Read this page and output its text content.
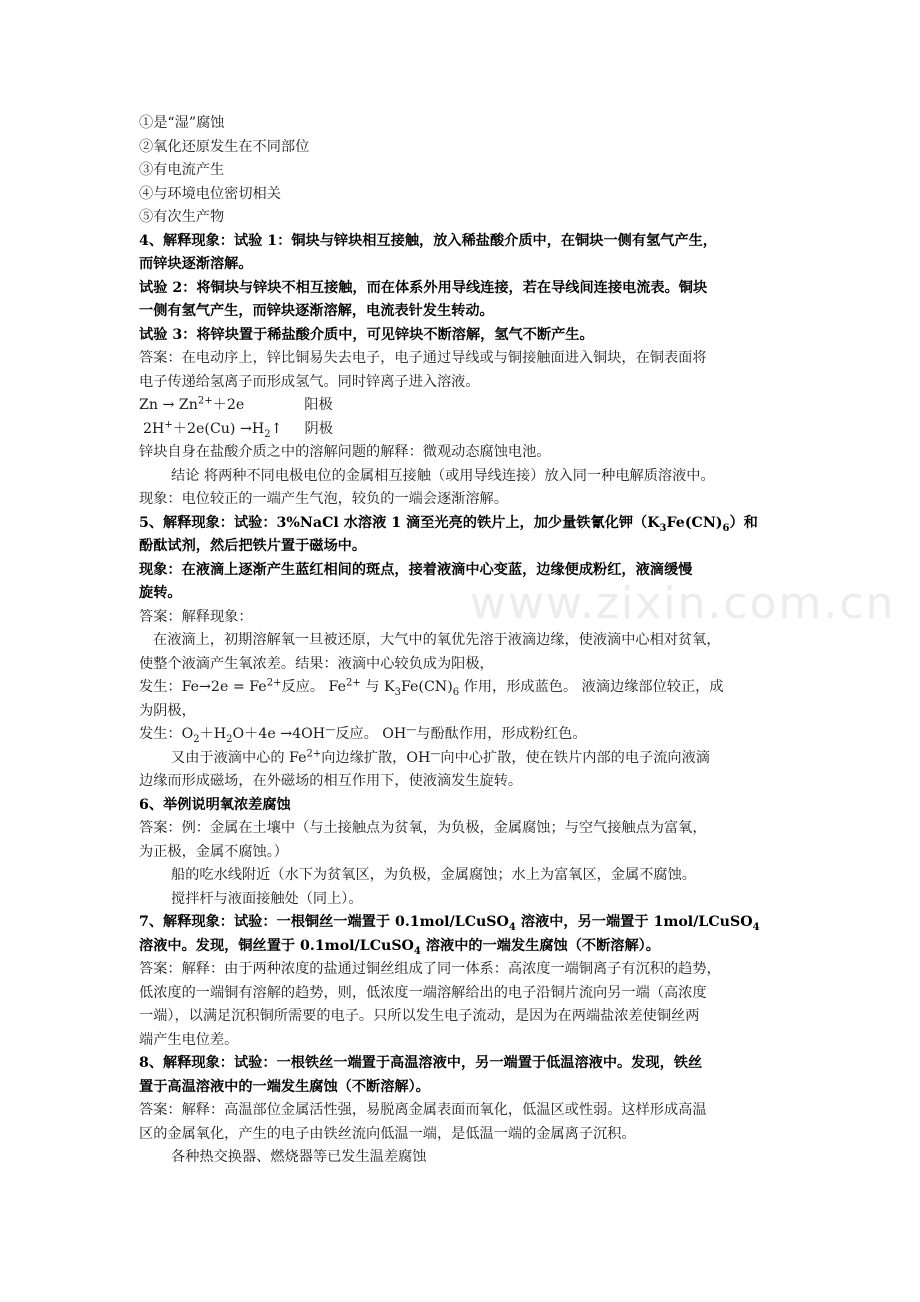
www.zixin.com.cn
①是“湿”腐蚀
②氧化还原发生在不同部位
③有电流产生
④与环境电位密切相关
⑤有次生产物
4、解释现象：试验 1：铜块与锌块相互接触，放入稀盐酸介质中，在铜块一侧有氢气产生，
而锌块逐渐溶解。
试验 2：将铜块与锌块不相互接触，而在体系外用导线连接，若在导线间连接电流表。铜块
一侧有氢气产生，而锌块逐渐溶解，电流表针发生转动。
试验 3：将锌块置于稀盐酸介质中，可见锌块不断溶解，氢气不断产生。
答案：在电动序上，锌比铜易失去电子，电子通过导线或与铜接触面进入铜块，在铜表面将
电子传递给氢离子而形成氢气。同时锌离子进入溶液。
$Zn \to Zn^{2+}+2e$	阳极
$2H^++2e(Cu) \to H_2↑$ 阴极
锌块自身在盐酸介质之中的溶解问题的解释：微观动态腐蚀电池。
结论 将两种不同电极电位的金属相互接触（或用导线连接）放入同一种电解质溶液中。
现象：电位较正的一端产生气泡，较负的一端会逐渐溶解。
5、解释现象：试验：3%NaCl 水溶液 1 滴至光亮的铁片上，加少量铁氰化钾$(K_3Fe(CN)_6)$和
酚酞试剂，然后把铁片置于磁场中。
现象：在液滴上逐渐产生蓝红相间的斑点，接着液滴中心变蓝，边缘便成粉红，液滴缓慢
旋转。
答案：解释现象：
在液滴上，初期溶解氧一旦被还原，大气中的氧优先溶于液滴边缘，使液滴中心相对贫氧，
使整个液滴产生氧浓差。结果：液滴中心较负成为阳极，
发生：$Fe\to 2e = Fe^{2+}$反应。 $Fe^{2+}$ 与 $K_3Fe(CN)_6$ 作用，形成蓝色。 液滴边缘部位较正，成
为阴极，
发生：$O_2+H_2O+4e \to 4OH^—$反应。 OH—与酚酞作用，形成粉红色。
又由于液滴中心的 $Fe^{2+}$向边缘扩散，OH—向中心扩散，使在铁片内部的电子流向液滴
边缘而形成磁场，在外磁场的相互作用下，使液滴发生旋转。
6、举例说明氧浓差腐蚀
答案：例：金属在土壤中（与土接触点为贫氧，为负极，金属腐蚀；与空气接触点为富氧，
为正极，金属不腐蚀。）
船的吃水线附近（水下为贫氧区，为负极，金属腐蚀；水上为富氧区，金属不腐蚀。
搅拌杆与液面接触处（同上）。
7、解释现象：试验：一根铜丝一端置于 0.1mol/LCuSO$_4$ 溶液中，另一端置于 1mol/LCuSO$_4$
溶液中。发现，铜丝置于 0.1mol/LCuSO$_4$ 溶液中的一端发生腐蚀（不断溶解）。
答案：解释：由于两种浓度的盐通过铜丝组成了同一体系：高浓度一端铜离子有沉积的趋势，
低浓度的一端铜有溶解的趋势，则，低浓度一端溶解给出的电子沿铜片流向另一端（高浓度
一端），以满足沉积铜所需要的电子。只所以发生电子流动，是因为在两端盐浓差使铜丝两
端产生电位差。
8、解释现象：试验：一根铁丝一端置于高温溶液中，另一端置于低温溶液中。发现，铁丝
置于高温溶液中的一端发生腐蚀（不断溶解）。
答案：解释：高温部位金属活性强，易脱离金属表面而氧化，低温区或性弱。这样形成高温
区的金属氧化，产生的电子由铁丝流向低温一端，是低温一端的金属离子沉积。
各种热交换器、燃烧器等已发生温差腐蚀
